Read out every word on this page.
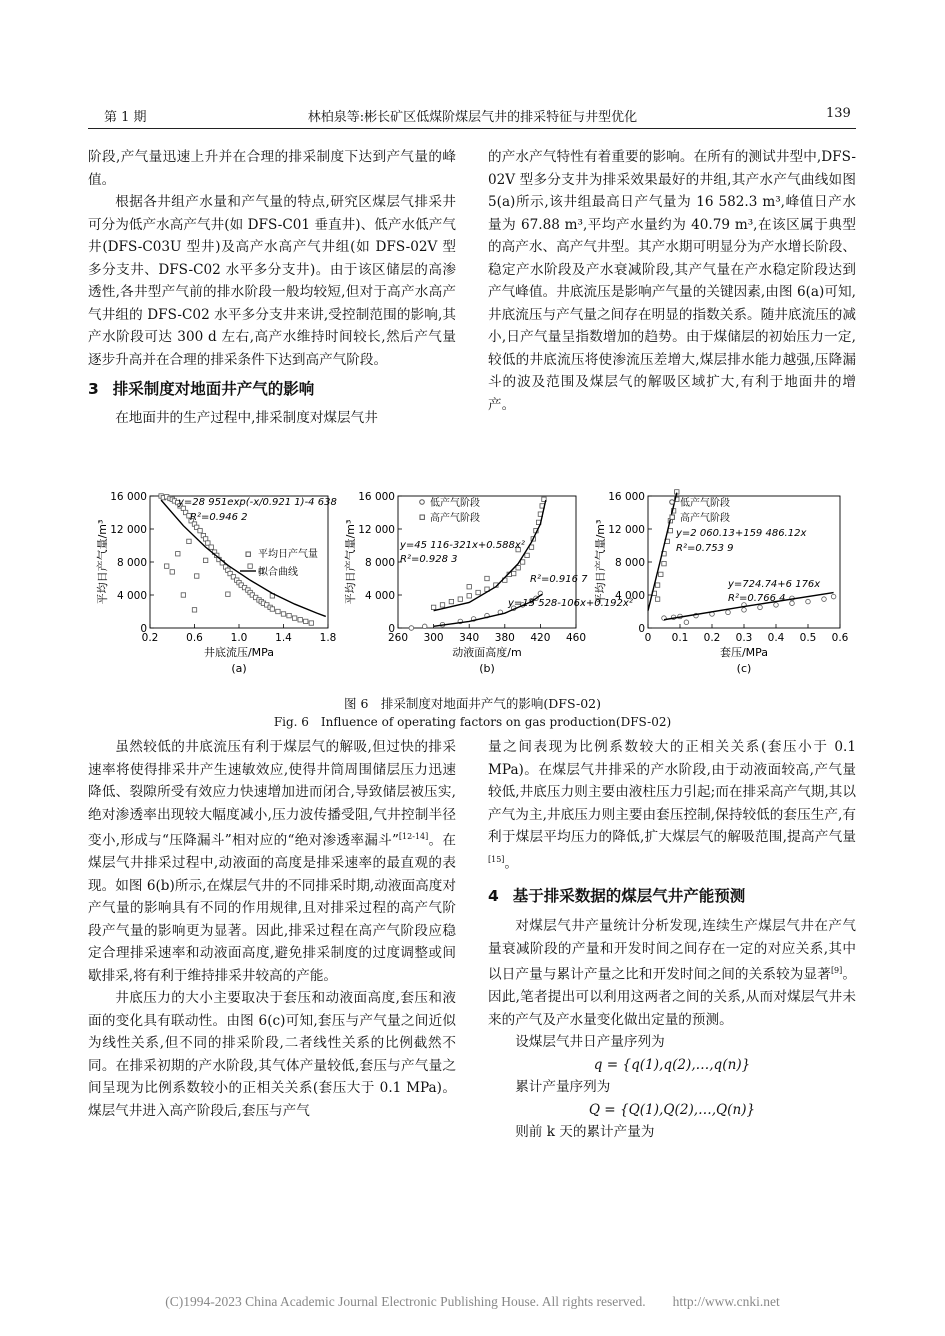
第 1 期	林柏泉等:彬长矿区低煤阶煤层气井的排采特征与井型优化	139

阶段,产气量迅速上升并在合理的排采制度下达到产气量的峰值。

根据各井组产水量和产气量的特点,研究区煤层气排采井可分为低产水高产气井(如 DFS-C01 垂直井)、低产水低产气井(DFS-C03U 型井)及高产水高产气井组(如 DFS-02V 型多分支井、DFS-C02 水平多分支井)。由于该区储层的高渗透性,各井型产气前的排水阶段一般均较短,但对于高产水高产气井组的 DFS-C02 水平多分支井来讲,受控制范围的影响,其产水阶段可达 300 d 左右,高产水维持时间较长,然后产气量逐步升高并在合理的排采条件下达到高产气阶段。

3 排采制度对地面井产气的影响

在地面井的生产过程中,排采制度对煤层气井

的产水产气特性有着重要的影响。在所有的测试井型中,DFS-02V 型多分支井为排采效果最好的井组,其产水产气曲线如图 5(a)所示,该井组最高日产气量为 16 582.3 m³,峰值日产水量为 67.88 m³,平均产水量约为 40.79 m³,在该区属于典型的高产水、高产气井型。其产水期可明显分为产水增长阶段、稳定产水阶段及产水衰减阶段,其产气量在产水稳定阶段达到产气峰值。井底流压是影响产气量的关键因素,由图 6(a)可知,井底流压与产气量之间存在明显的指数关系。随井底流压的减小,日产气量呈指数增加的趋势。由于煤储层的初始压力一定,较低的井底流压将使渗流压差增大,煤层排水能力越强,压降漏斗的波及范围及煤层气的解吸区域扩大,有利于地面井的增产。

0.2	0.6	1.0	1.4	1.8
0
4 000
8 000
12 000
16 000
井底流压/MPa
平均日产气量/m³
(a)
y=28 951exp(-x/0.921 1)-4 638
R²=0.946 2
平均日产气量
拟合曲线
260 300 340 380 420 460
0
4 000
8 000
12 000
16 000
动液面高度/m
平均日产气量/m³
(b)
低产气阶段
高产气阶段
y=45 116-321x+0.588x²
R²=0.928 3
R²=0.916 7
y=15 528-106x+0.192x²
0 0.1 0.2 0.3 0.4 0.5 0.6
0
4 000
8 000
12 000
16 000
套压/MPa
平均日产气量/m³
(c)
低产气阶段
高产气阶段
y=2 060.13+159 486.12x
R²=0.753 9
y=724.74+6 176x
R²=0.766 4
图 6　排采制度对地面井产气的影响(DFS-02)
Fig. 6　Influence of operating factors on gas production(DFS-02)

虽然较低的井底流压有利于煤层气的解吸,但过快的排采速率将使得排采井产生速敏效应,使得井筒周围储层压力迅速降低、裂隙所受有效应力快速增加进而闭合,导致储层被压实,绝对渗透率出现较大幅度减小,压力波传播受阻,气井控制半径变小,形成与“压降漏斗”相对应的“绝对渗透率漏斗”[12-14]。在煤层气井排采过程中,动液面的高度是排采速率的最直观的表现。如图 6(b)所示,在煤层气井的不同排采时期,动液面高度对产气量的影响具有不同的作用规律,且对排采过程的高产气阶段产气量的影响更为显著。因此,排采过程在高产气阶段应稳定合理排采速率和动液面高度,避免排采制度的过度调整或间歇排采,将有利于维持排采井较高的产能。

井底压力的大小主要取决于套压和动液面高度,套压和液面的变化具有联动性。由图 6(c)可知,套压与产气量之间近似为线性关系,但不同的排采阶段,二者线性关系的比例截然不同。在排采初期的产水阶段,其气体产量较低,套压与产气量之间呈现为比例系数较小的正相关关系(套压大于 0.1 MPa)。煤层气井进入高产阶段后,套压与产气

量之间表现为比例系数较大的正相关关系(套压小于 0.1 MPa)。在煤层气井排采的产水阶段,由于动液面较高,产气量较低,井底压力则主要由液柱压力引起;而在排采高产气期,其以产气为主,井底压力则主要由套压控制,保持较低的套压生产,有利于煤层平均压力的降低,扩大煤层气的解吸范围,提高产气量[15]。

4 基于排采数据的煤层气井产能预测

对煤层气井产量统计分析发现,连续生产煤层气井在产气量衰减阶段的产量和开发时间之间存在一定的对应关系,其中以日产量与累计产量之比和开发时间之间的关系较为显著[9]。因此,笔者提出可以利用这两者之间的关系,从而对煤层气井未来的产气及产水量变化做出定量的预测。

设煤层气井日产量序列为

q = {q(1),q(2),…,q(n)}

累计产量序列为

Q = {Q(1),Q(2),…,Q(n)}

则前 k 天的累计产量为

(C)1994-2023 China Academic Journal Electronic Publishing House. All rights reserved.　　http://www.cnki.net
